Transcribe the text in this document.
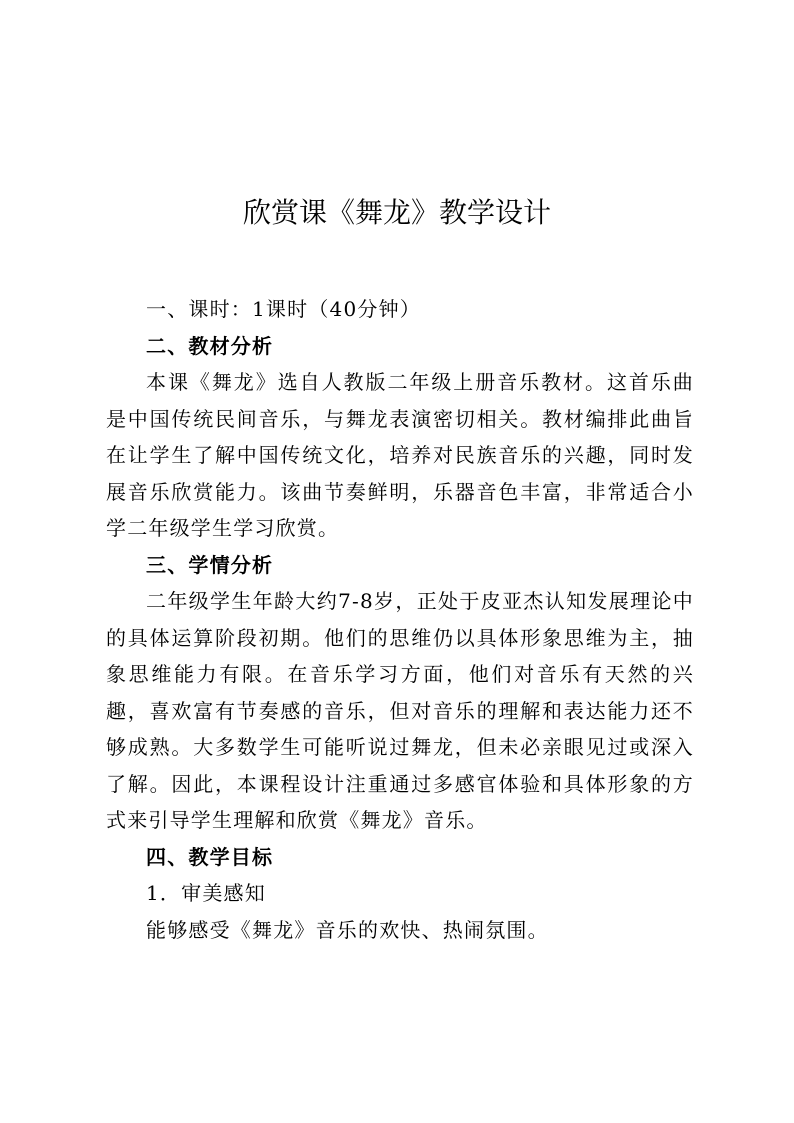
欣赏课《舞龙》教学设计

一、课时：1课时（40分钟）

二、教材分析

本课《舞龙》选自人教版二年级上册音乐教材。这首乐曲是中国传统民间音乐，与舞龙表演密切相关。教材编排此曲旨在让学生了解中国传统文化，培养对民族音乐的兴趣，同时发展音乐欣赏能力。该曲节奏鲜明，乐器音色丰富，非常适合小学二年级学生学习欣赏。

三、学情分析

二年级学生年龄大约7-8岁，正处于皮亚杰认知发展理论中的具体运算阶段初期。他们的思维仍以具体形象思维为主，抽象思维能力有限。在音乐学习方面，他们对音乐有天然的兴趣，喜欢富有节奏感的音乐，但对音乐的理解和表达能力还不够成熟。大多数学生可能听说过舞龙，但未必亲眼见过或深入了解。因此，本课程设计注重通过多感官体验和具体形象的方式来引导学生理解和欣赏《舞龙》音乐。

四、教学目标

1．审美感知

能够感受《舞龙》音乐的欢快、热闹氛围。
